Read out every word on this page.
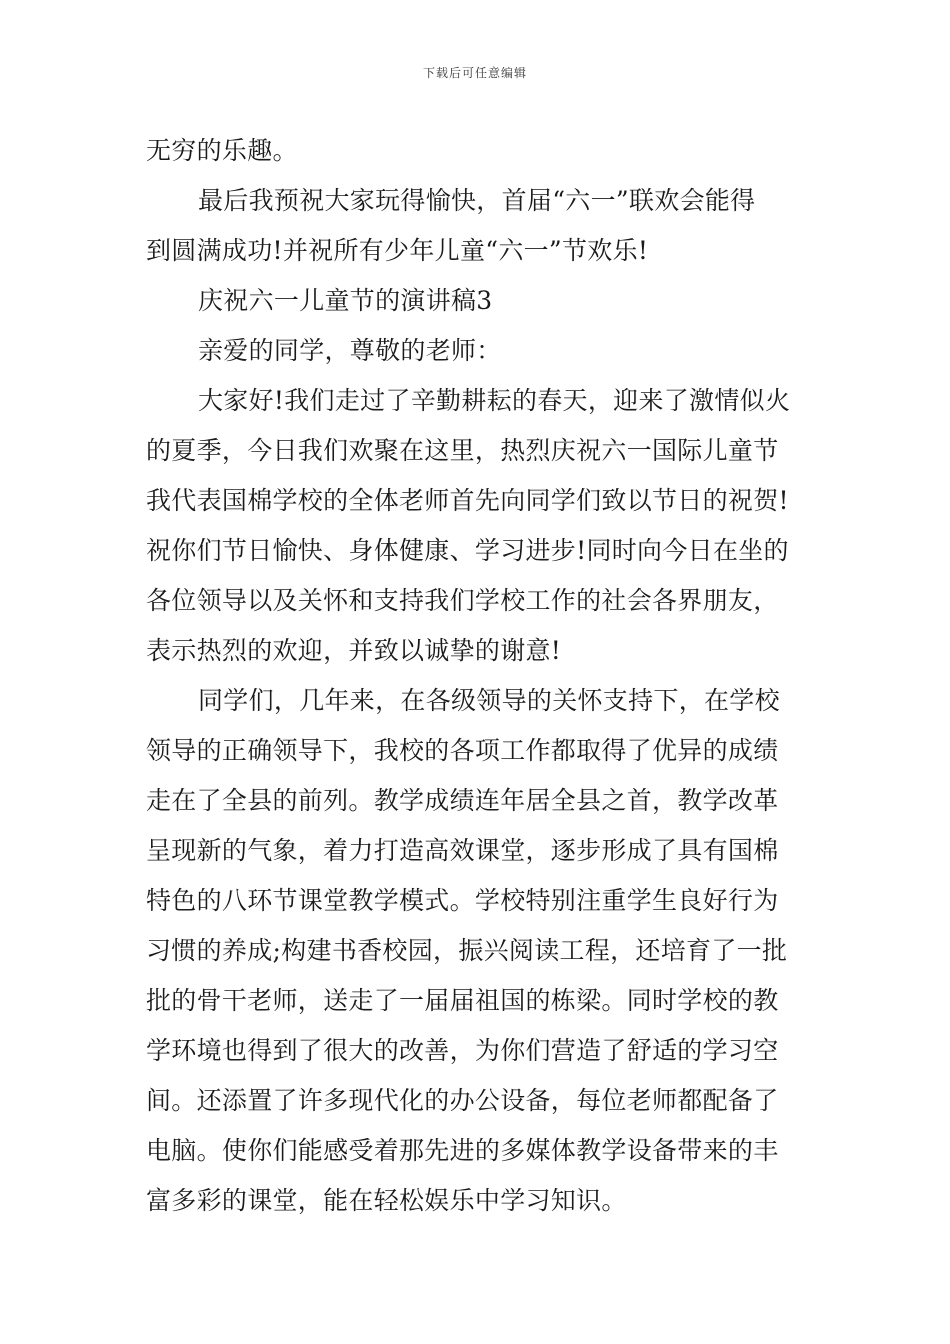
下载后可任意编辑
无穷的乐趣。
最后我预祝大家玩得愉快，首届“六一”联欢会能得
到圆满成功!并祝所有少年儿童“六一”节欢乐!
庆祝六一儿童节的演讲稿3
亲爱的同学，尊敬的老师：
大家好!我们走过了辛勤耕耘的春天，迎来了激情似火
的夏季，今日我们欢聚在这里，热烈庆祝六一国际儿童节
我代表国棉学校的全体老师首先向同学们致以节日的祝贺!
祝你们节日愉快、身体健康、学习进步!同时向今日在坐的
各位领导以及关怀和支持我们学校工作的社会各界朋友，
表示热烈的欢迎，并致以诚挚的谢意!
同学们，几年来，在各级领导的关怀支持下，在学校
领导的正确领导下，我校的各项工作都取得了优异的成绩
走在了全县的前列。教学成绩连年居全县之首，教学改革
呈现新的气象，着力打造高效课堂，逐步形成了具有国棉
特色的八环节课堂教学模式。学校特别注重学生良好行为
习惯的养成;构建书香校园，振兴阅读工程，还培育了一批
批的骨干老师，送走了一届届祖国的栋梁。同时学校的教
学环境也得到了很大的改善，为你们营造了舒适的学习空
间。还添置了许多现代化的办公设备，每位老师都配备了
电脑。使你们能感受着那先进的多媒体教学设备带来的丰
富多彩的课堂，能在轻松娱乐中学习知识。
